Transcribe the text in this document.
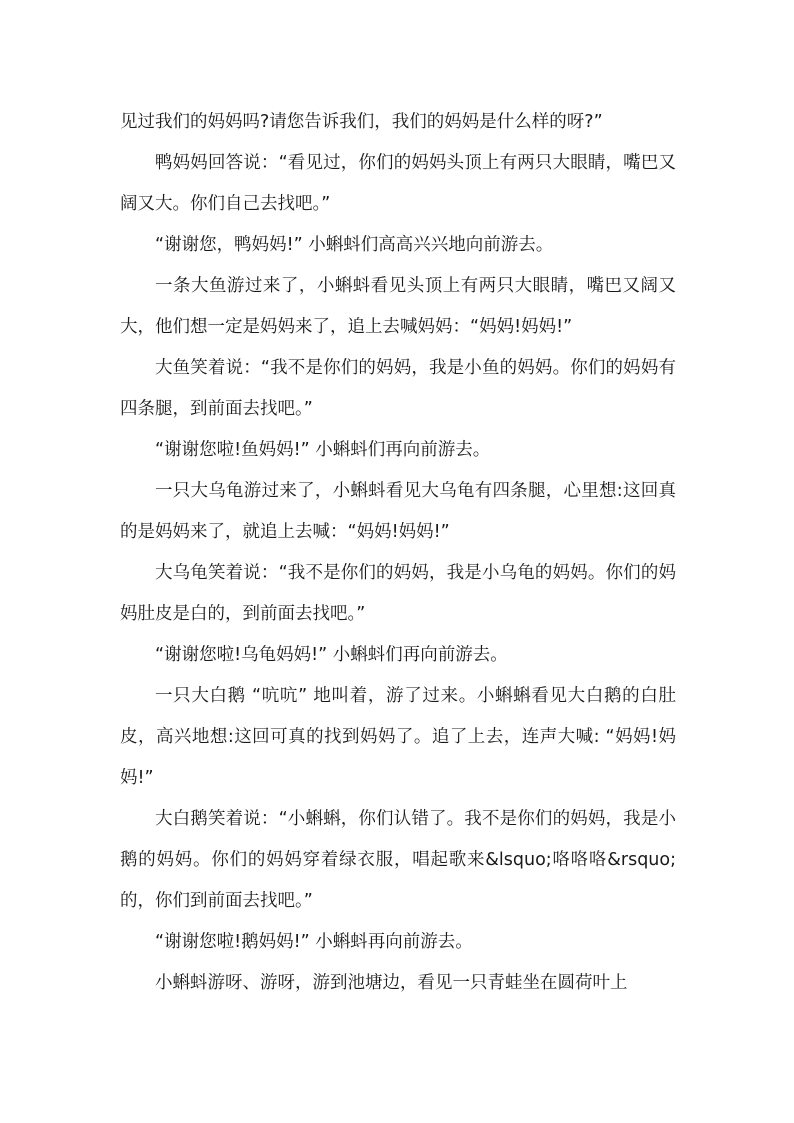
见过我们的妈妈吗?请您告诉我们，我们的妈妈是什么样的呀?”

鸭妈妈回答说：“看见过，你们的妈妈头顶上有两只大眼睛，嘴巴又阔又大。你们自己去找吧。”

“谢谢您，鸭妈妈!” 小蝌蚪们高高兴兴地向前游去。

一条大鱼游过来了，小蝌蚪看见头顶上有两只大眼睛，嘴巴又阔又大，他们想一定是妈妈来了，追上去喊妈妈：“妈妈!妈妈!”

大鱼笑着说：“我不是你们的妈妈，我是小鱼的妈妈。你们的妈妈有四条腿，到前面去找吧。”

“谢谢您啦!鱼妈妈!” 小蝌蚪们再向前游去。

一只大乌龟游过来了，小蝌蚪看见大乌龟有四条腿，心里想:这回真的是妈妈来了，就追上去喊：“妈妈!妈妈!”

大乌龟笑着说：“我不是你们的妈妈，我是小乌龟的妈妈。你们的妈妈肚皮是白的，到前面去找吧。”

“谢谢您啦!乌龟妈妈!” 小蝌蚪们再向前游去。

一只大白鹅 “吭吭” 地叫着，游了过来。小蝌蝌看见大白鹅的白肚皮，高兴地想:这回可真的找到妈妈了。追了上去，连声大喊: “妈妈!妈妈!”

大白鹅笑着说：“小蝌蝌，你们认错了。我不是你们的妈妈，我是小鹅的妈妈。你们的妈妈穿着绿衣服，唱起歌来&lsquo;咯咯咯&rsquo;的，你们到前面去找吧。”

“谢谢您啦!鹅妈妈!” 小蝌蚪再向前游去。

小蝌蚪游呀、游呀，游到池塘边，看见一只青蛙坐在圆荷叶上
